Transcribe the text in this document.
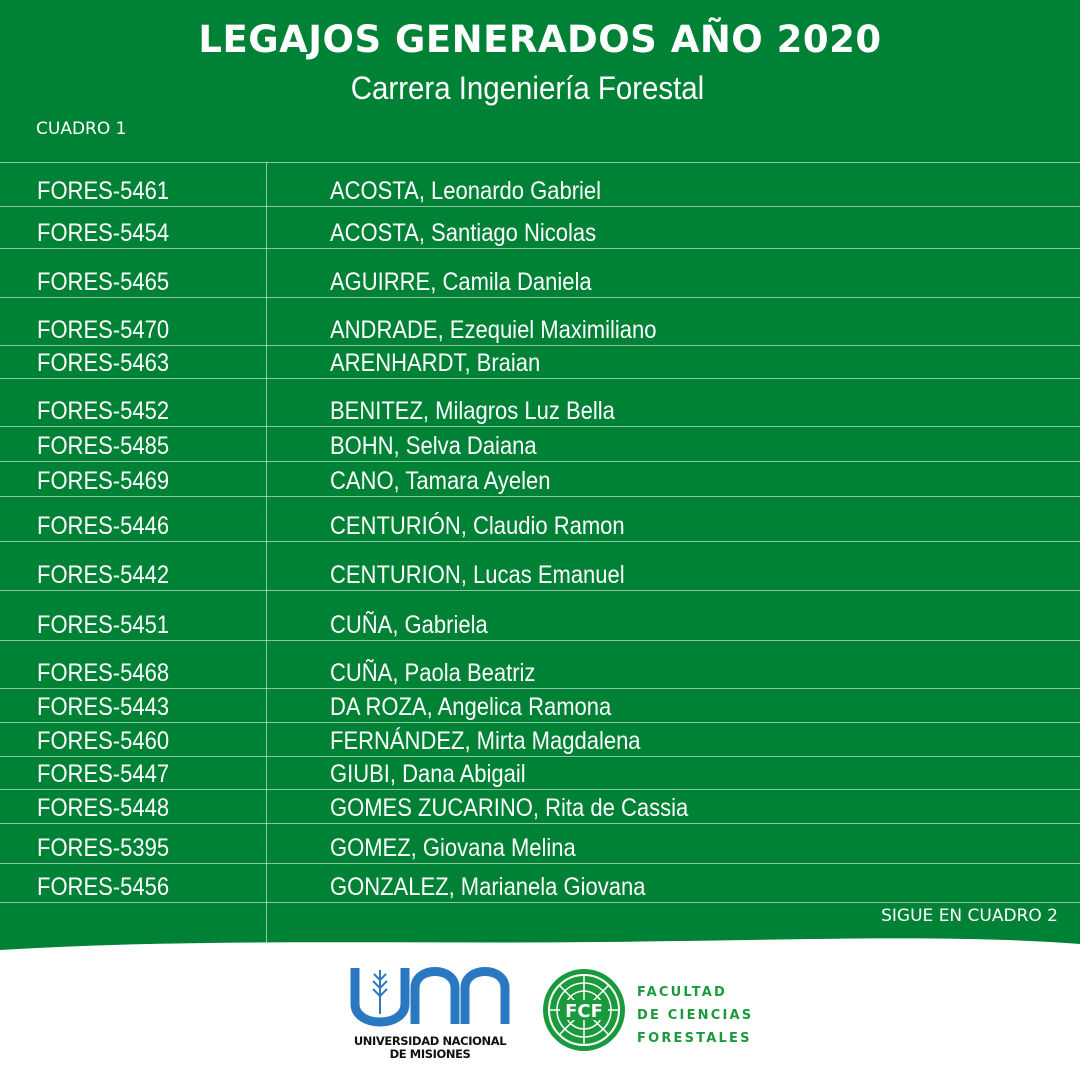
LEGAJOS GENERADOS AÑO 2020
Carrera Ingeniería Forestal
CUADRO 1
FORES-5461	ACOSTA, Leonardo Gabriel
FORES-5454	ACOSTA, Santiago Nicolas
FORES-5465	AGUIRRE, Camila Daniela
FORES-5470	ANDRADE, Ezequiel Maximiliano
FORES-5463	ARENHARDT, Braian
FORES-5452	BENITEZ, Milagros Luz Bella
FORES-5485	BOHN, Selva Daiana
FORES-5469	CANO, Tamara Ayelen
FORES-5446	CENTURIÓN, Claudio Ramon
FORES-5442	CENTURION, Lucas Emanuel
FORES-5451	CUÑA, Gabriela
FORES-5468	CUÑA, Paola Beatriz
FORES-5443	DA ROZA, Angelica Ramona
FORES-5460	FERNÁNDEZ, Mirta Magdalena
FORES-5447	GIUBI, Dana Abigail
FORES-5448	GOMES ZUCARINO, Rita de Cassia
FORES-5395	GOMEZ, Giovana Melina
FORES-5456	GONZALEZ, Marianela Giovana
SIGUE EN CUADRO 2
UNIVERSIDAD NACIONAL
DE MISIONES
FCF
FACULTAD
DE CIENCIAS
FORESTALES
